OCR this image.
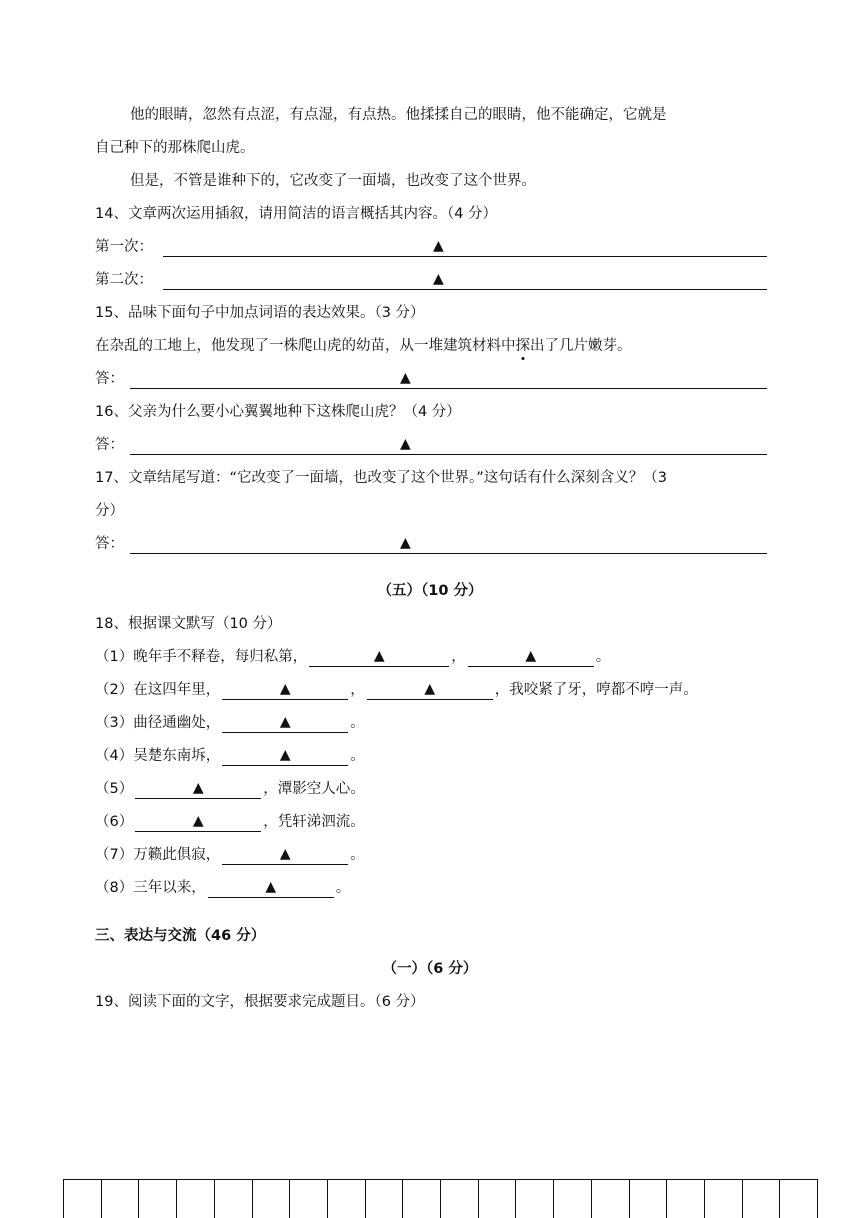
他的眼睛，忽然有点涩，有点湿，有点热。他揉揉自己的眼睛，他不能确定，它就是
自己种下的那株爬山虎。
但是，不管是谁种下的，它改变了一面墙，也改变了这个世界。
14、文章两次运用插叙，请用简洁的语言概括其内容。（4 分）
第一次：	▲
第二次：	▲
15、品味下面句子中加点词语的表达效果。（3 分）
在杂乱的工地上，他发现了一株爬山虎的幼苗，从一堆建筑材料中探出了几片嫩芽。
答：	▲
16、父亲为什么要小心翼翼地种下这株爬山虎？（4 分）
答：	▲
17、文章结尾写道：“它改变了一面墙，也改变了这个世界。”这句话有什么深刻含义？（3
分）
答：	▲
（五）（10 分）
18、根据课文默写（10 分）
（1）晚年手不释卷，每归私第，	▲	，	▲	。
（2）在这四年里，	▲	，	▲	，我咬紧了牙，哼都不哼一声。
（3）曲径通幽处，	▲	。
（4）吴楚东南坼，	▲	。
（5）	▲	，潭影空人心。
（6）	▲	，凭轩涕泗流。
（7）万籁此俱寂，	▲	。
（8）三年以来，	▲	。
三、表达与交流（46 分）
（一）（6 分）
19、阅读下面的文字，根据要求完成题目。（6 分）
